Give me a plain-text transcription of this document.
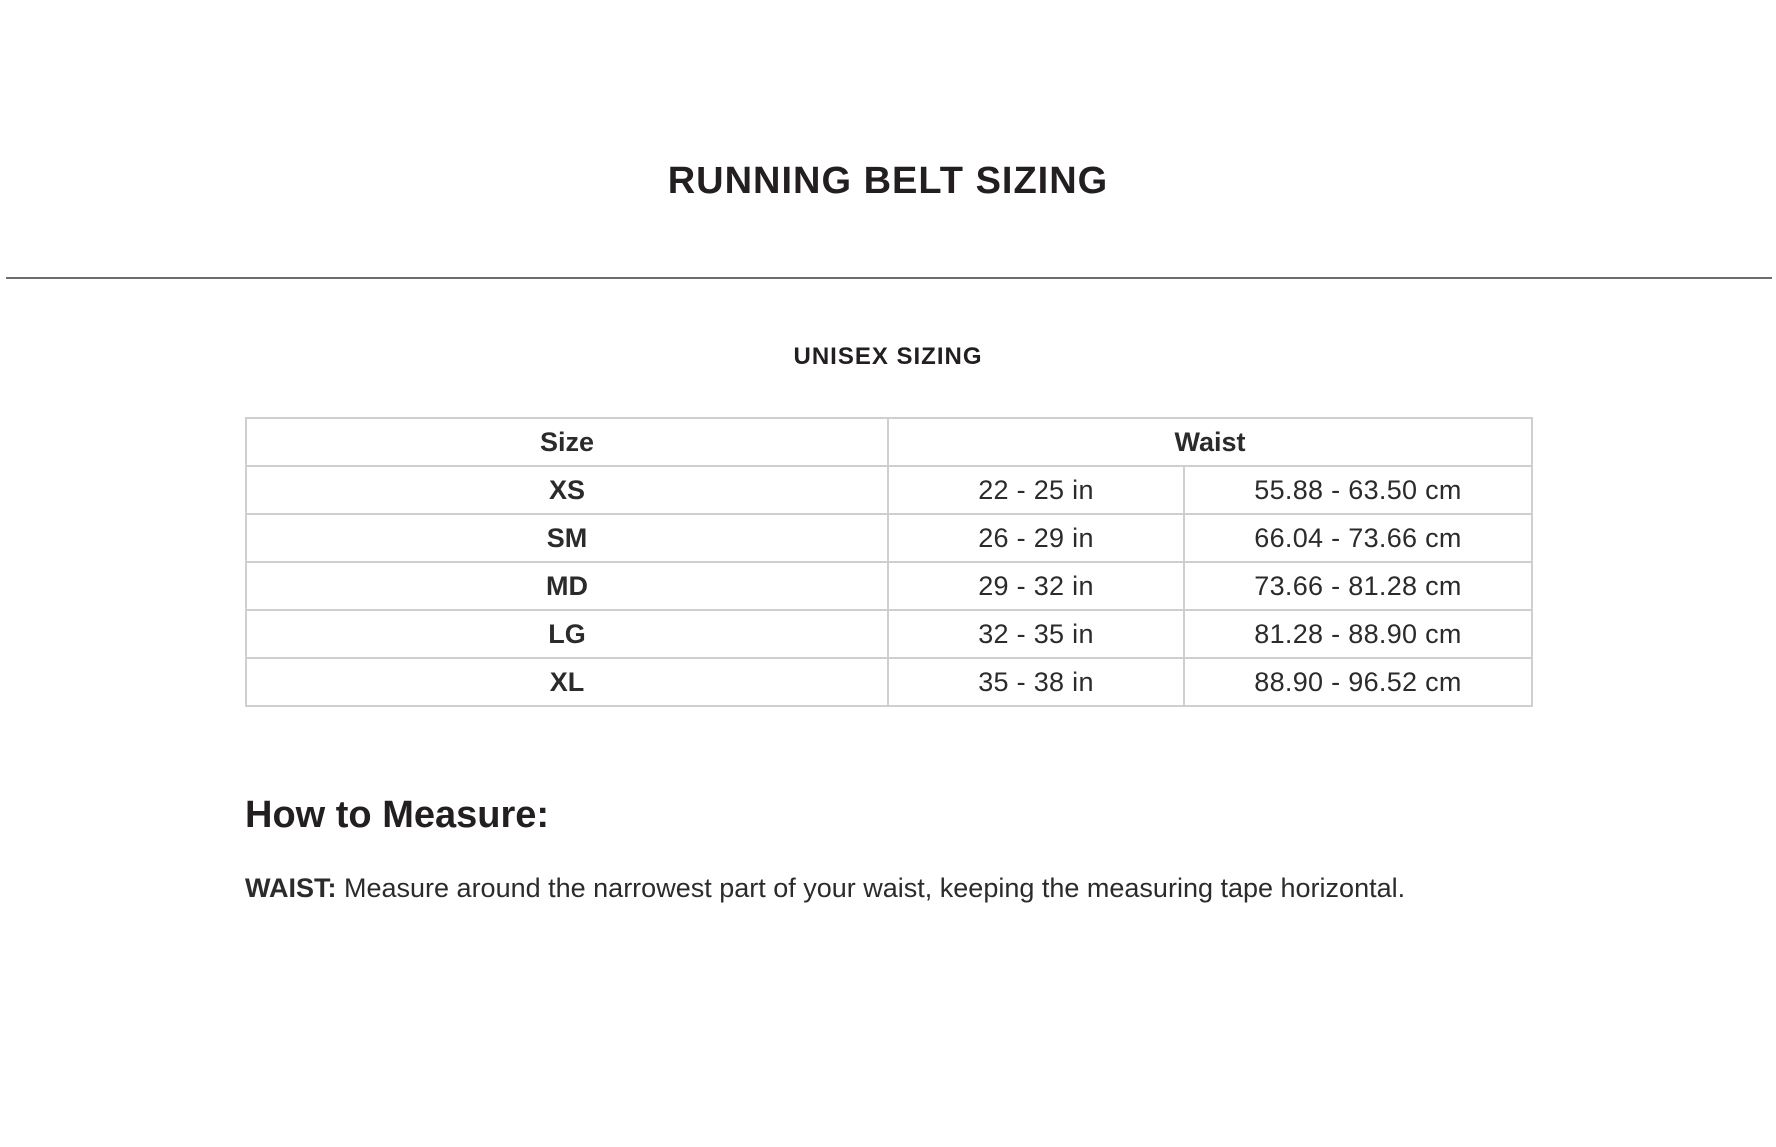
RUNNING BELT SIZING
UNISEX SIZING
Size	Waist	
XS	22 - 25 in	55.88 - 63.50 cm
SM	26 - 29 in	66.04 - 73.66 cm
MD	29 - 32 in	73.66 - 81.28 cm
LG	32 - 35 in	81.28 - 88.90 cm
XL	35 - 38 in	88.90 - 96.52 cm
How to Measure:

WAIST: Measure around the narrowest part of your waist, keeping the measuring tape horizontal.
